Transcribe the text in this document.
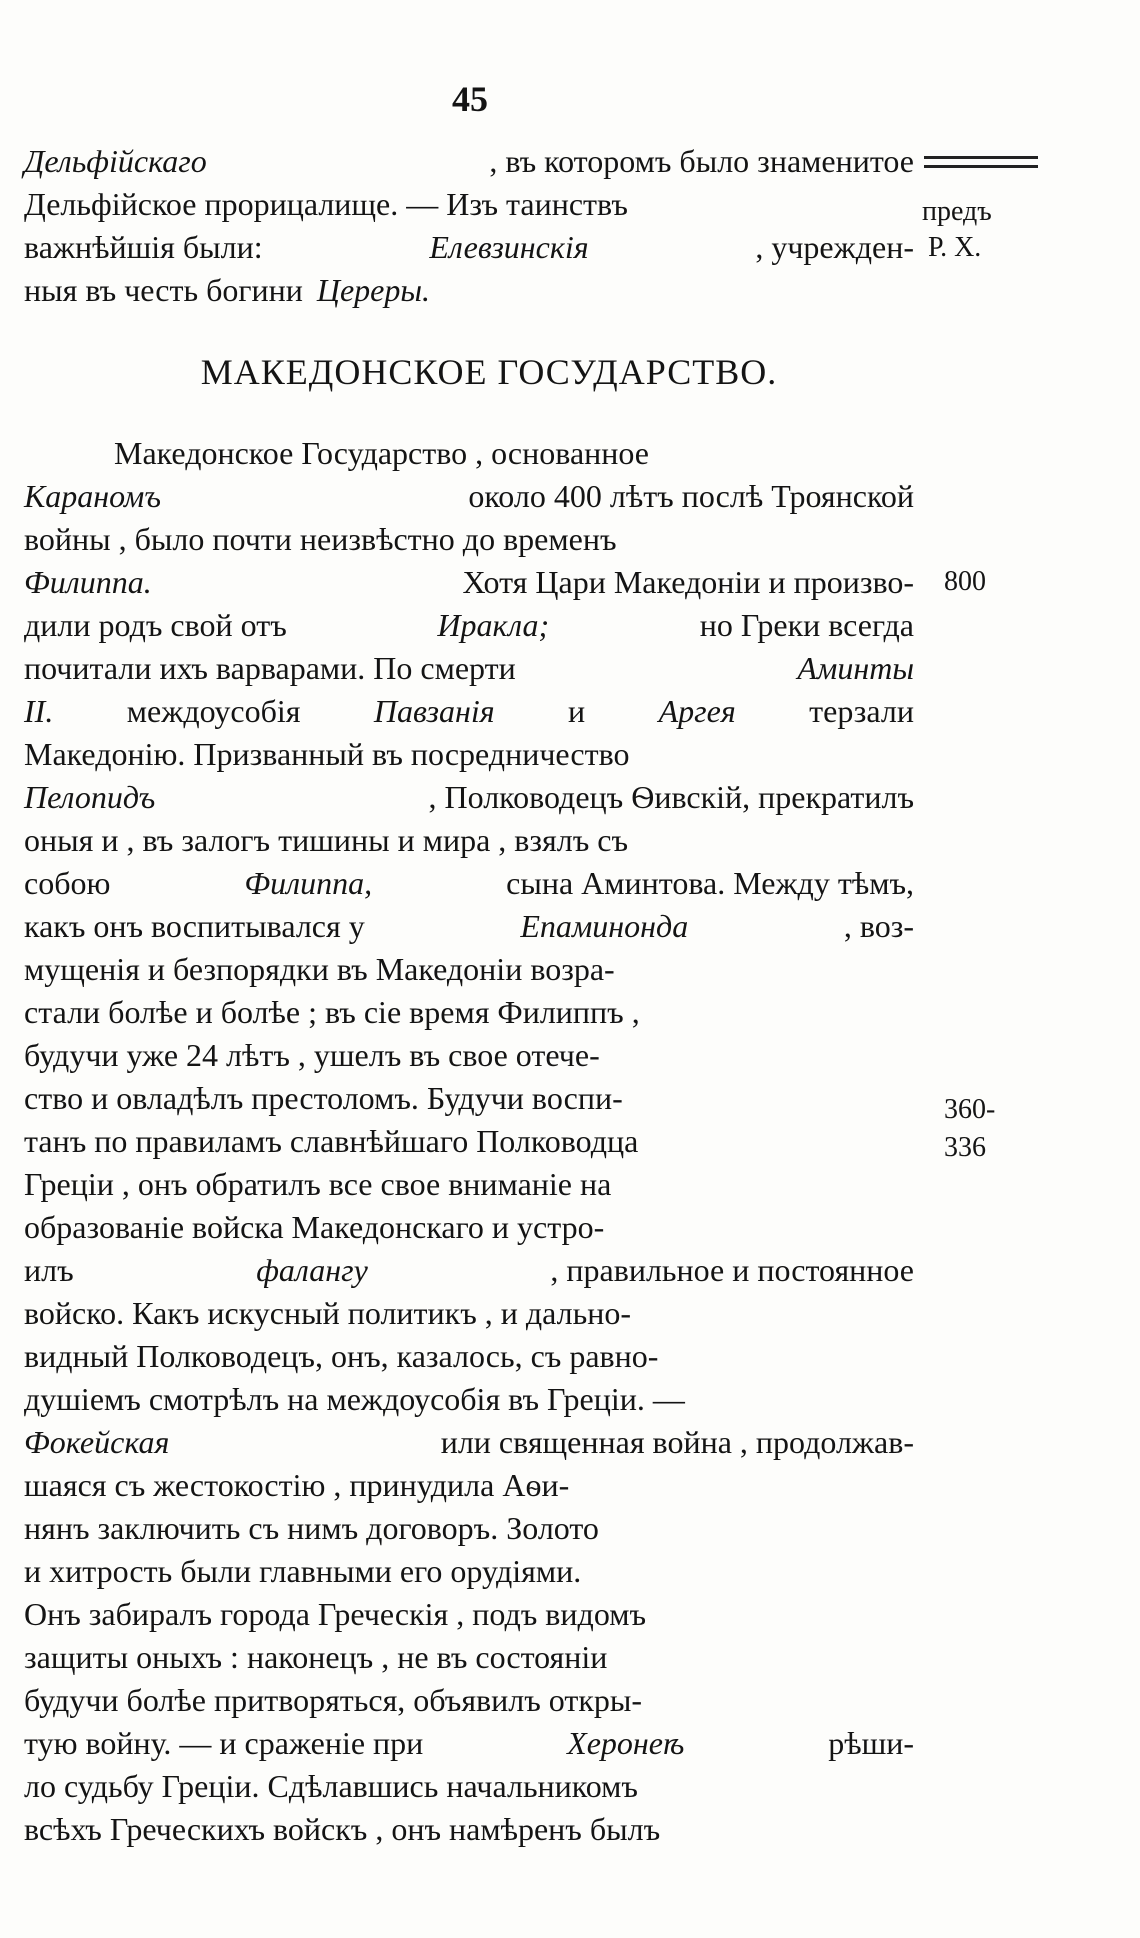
45
предъ
Р. Х.
800
360-
336
Дельфійскаго	, въ которомъ было знаменитое
Дельфійское прорицалище. — Изъ таинствъ
важнѣйшія были:	Елевзинскія	, учрежден-
ныя въ честь богини Цереры.
МАКЕДОНСКОЕ ГОСУДАРСТВО.
Македонское Государство , основанное
Караномъ	около 400 лѣтъ послѣ Троянской
войны , было почти неизвѣстно до временъ
Филиппа.	Хотя Цари Македоніи и произво-
дили родъ свой отъ	Иракла;	но Греки всегда
почитали ихъ варварами. По смерти	Аминты
II. междоусобія Павзанія и Аргея терзали
Македонію. Призванный въ посредничество
Пелопидъ	, Полководецъ Ѳивскій, прекратилъ
оныя и , въ залогъ тишины и мира , взялъ съ
собою	Филиппа,	сына Аминтова. Между тѣмъ,
какъ онъ воспитывался у	Епаминонда	, воз-
мущенія и безпорядки въ Македоніи возра-
стали болѣе и болѣе ; въ сіе время Филиппъ ,
будучи уже 24 лѣтъ , ушелъ въ свое отече-
ство и овладѣлъ престоломъ. Будучи воспи-
танъ по правиламъ славнѣйшаго Полководца
Греціи , онъ обратилъ все свое вниманіе на
образованіе войска Македонскаго и устро-
илъ	фалангу	, правильное и постоянное
войско. Какъ искусный политикъ , и дально-
видный Полководецъ, онъ, казалось, съ равно-
душіемъ смотрѣлъ на междоусобія въ Греціи. —
Фокейская	или священная война , продолжав-
шаяся съ жестокостію , принудила Аѳи-
нянъ заключить съ нимъ договоръ. Золото
и хитрость были главными его орудіями.
Онъ забиралъ города Греческія , подъ видомъ
защиты оныхъ : наконецъ , не въ состояніи
будучи болѣе притворяться, объявилъ откры-
тую войну. — и сраженіе при	Херонеѣ	рѣши-
ло судьбу Греціи. Сдѣлавшись начальникомъ
всѣхъ Греческихъ войскъ , онъ намѣренъ былъ
